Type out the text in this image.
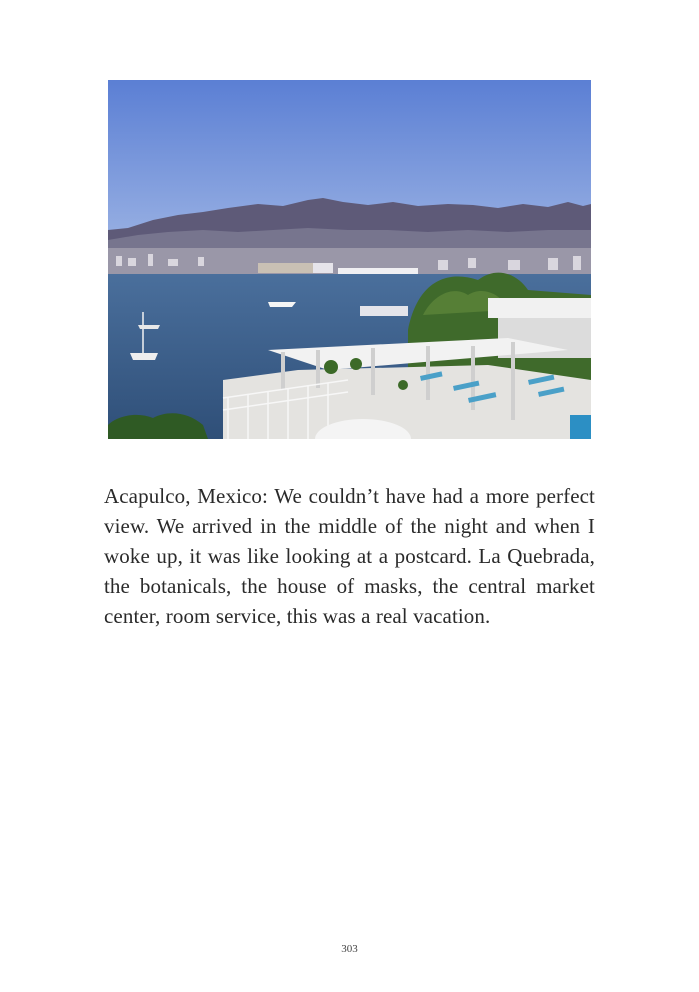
Acapulco, Mexico: We couldn’t have had a more perfect view. We arrived in the middle of the night and when I woke up, it was like looking at a postcard. La Quebrada, the botanicals, the house of masks, the central market center, room service, this was a real vacation.

303
